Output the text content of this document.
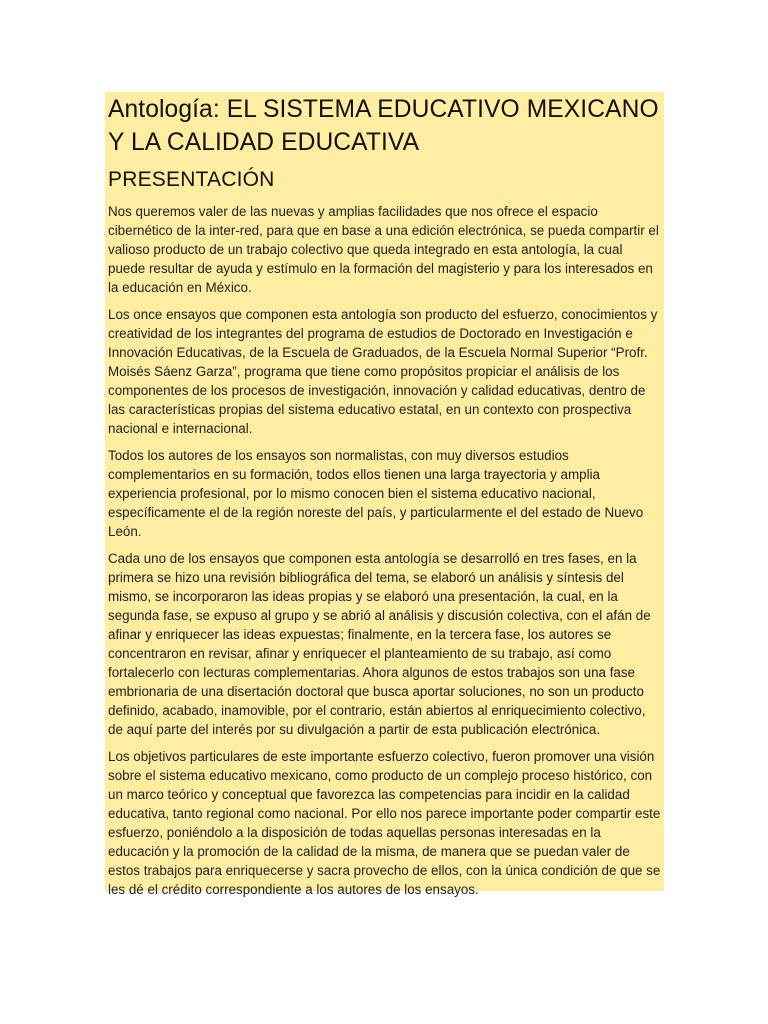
Antología: EL SISTEMA EDUCATIVO MEXICANO Y LA CALIDAD EDUCATIVA
PRESENTACIÓN

Nos queremos valer de las nuevas y amplias facilidades que nos ofrece el espacio cibernético de la inter-red, para que en base a una edición electrónica, se pueda compartir el valioso producto de un trabajo colectivo que queda integrado en esta antología, la cual puede resultar de ayuda y estímulo en la formación del magisterio y para los interesados en la educación en México.

Los once ensayos que componen esta antología son producto del esfuerzo, conocimientos y creatividad de los integrantes del programa de estudios de Doctorado en Investigación e Innovación Educativas, de la Escuela de Graduados, de la Escuela Normal Superior “Profr. Moisés Sáenz Garza”, programa que tiene como propósitos propiciar el análisis de los componentes de los procesos de investigación, innovación y calidad educativas, dentro de las características propias del sistema educativo estatal, en un contexto con prospectiva nacional e internacional.

Todos los autores de los ensayos son normalistas, con muy diversos estudios complementarios en su formación, todos ellos tienen una larga trayectoria y amplia experiencia profesional, por lo mismo conocen bien el sistema educativo nacional, específicamente el de la región noreste del país, y particularmente el del estado de Nuevo León.

Cada uno de los ensayos que componen esta antología se desarrolló en tres fases, en la primera se hizo una revisión bibliográfica del tema, se elaboró un análisis y síntesis del mismo, se incorporaron las ideas propias y se elaboró una presentación, la cual, en la segunda fase, se expuso al grupo y se abrió al análisis y discusión colectiva, con el afán de afinar y enriquecer las ideas expuestas; finalmente, en la tercera fase, los autores se concentraron en revisar, afinar y enriquecer el planteamiento de su trabajo, así como fortalecerlo con lecturas complementarias. Ahora algunos de estos trabajos son una fase embrionaria de una disertación doctoral que busca aportar soluciones, no son un producto definido, acabado, inamovible, por el contrario, están abiertos al enriquecimiento colectivo, de aquí parte del interés por su divulgación a partir de esta publicación electrónica.

Los objetivos particulares de este importante esfuerzo colectivo, fueron promover una visión sobre el sistema educativo mexicano, como producto de un complejo proceso histórico, con un marco teórico y conceptual que favorezca las competencias para incidir en la calidad educativa, tanto regional como nacional. Por ello nos parece importante poder compartir este esfuerzo, poniéndolo a la disposición de todas aquellas personas interesadas en la educación y la promoción de la calidad de la misma, de manera que se puedan valer de estos trabajos para enriquecerse y sacra provecho de ellos, con la única condición de que se les dé el crédito correspondiente a los autores de los ensayos.
